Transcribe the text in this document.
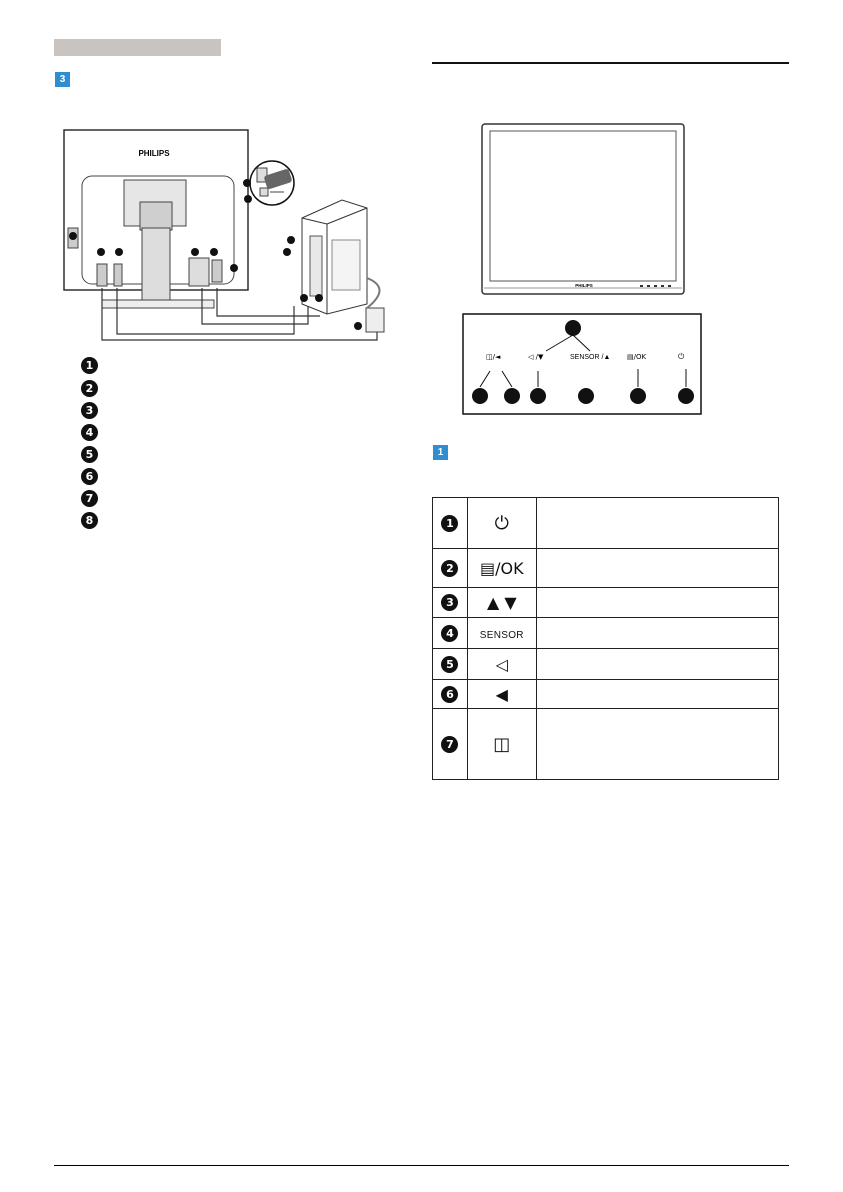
3
PHILIPS
1
2
3
4
5
6
7
8
PHILIPS
◫/◄	◁ /▼	SENSOR /▲ ▤/OK	⏻
1
1	⏻	

2	▤/OK	

3	▲ ▼	

4	SENSOR	

5	◁	

6	◀	

7	◫	
